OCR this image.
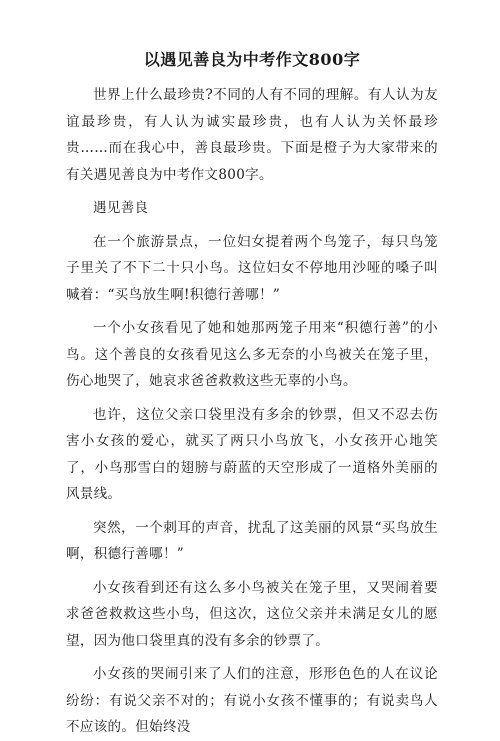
以遇见善良为中考作文800字

世界上什么最珍贵?不同的人有不同的理解。有人认为友谊最珍贵，有人认为诚实最珍贵，也有人认为关怀最珍贵……而在我心中，善良最珍贵。下面是橙子为大家带来的有关遇见善良为中考作文800字。

遇见善良

在一个旅游景点，一位妇女提着两个鸟笼子，每只鸟笼子里关了不下二十只小鸟。这位妇女不停地用沙哑的嗓子叫喊着：“买鸟放生啊!积德行善哪！”

一个小女孩看见了她和她那两笼子用来“积德行善”的小鸟。这个善良的女孩看见这么多无奈的小鸟被关在笼子里，伤心地哭了，她哀求爸爸救救这些无辜的小鸟。

也许，这位父亲口袋里没有多余的钞票，但又不忍去伤害小女孩的爱心，就买了两只小鸟放飞，小女孩开心地笑了，小鸟那雪白的翅膀与蔚蓝的天空形成了一道格外美丽的风景线。

突然，一个刺耳的声音，扰乱了这美丽的风景“买鸟放生啊，积德行善哪！”

小女孩看到还有这么多小鸟被关在笼子里，又哭闹着要求爸爸救救这些小鸟，但这次，这位父亲并未满足女儿的愿望，因为他口袋里真的没有多余的钞票了。

小女孩的哭闹引来了人们的注意，形形色色的人在议论纷纷：有说父亲不对的；有说小女孩不懂事的；有说卖鸟人不应该的。但始终没
